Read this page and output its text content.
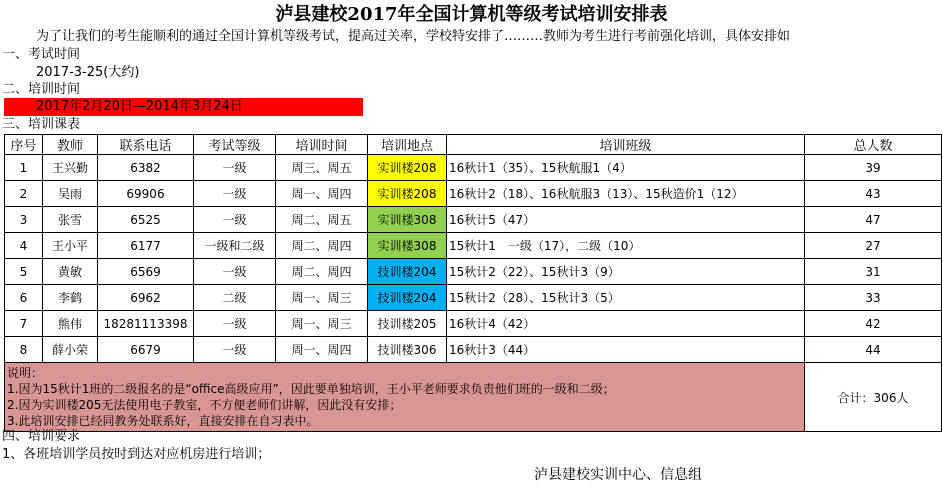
泸县建校2017年全国计算机等级考试培训安排表
为了让我们的考生能顺利的通过全国计算机等级考试，提高过关率，学校特安排了………教师为考生进行考前强化培训，具体安排如
一、考试时间
2017-3-25(大约)
二、培训时间
2017年2月20日—2014年3月24日
三、培训课表
序号	教师	联系电话	考试等级	培训时间	培训地点	培训班级	总人数
1	王兴勤	6382	一级	周三、周五	实训楼208	16秋计1（35）、15秋航服1（4）	39
2	吴雨	69906	一级	周一、周四	实训楼208	16秋计2（18）、16秋航服3（13）、15秋造价1（12）	43
3	张雪	6525	一级	周二、周五	实训楼308	16秋计5（47）	47
4	王小平	6177	一级和二级	周二、周四	实训楼308	15秋计1　一级（17），二级（10）	27
5	黄敏	6569	一级	周二、周四	技训楼204	15秋计2（22）、15秋计3（9）	31
6	李鹤	6962	二级	周一、周三	技训楼204	15秋计2（28）、15秋计3（5）	33
7	熊伟	18281113398	一级	周一、周三	技训楼205	16秋计4（42）	42
8	薛小荣	6679	一级	周一、周四	技训楼306	16秋计3（44）	44

说明：
1.因为15秋计1班的二级报名的是“office高级应用”，因此要单独培训，王小平老师要求负责他们班的一级和二级；
2.因为实训楼205无法使用电子教室，不方便老师们讲解，因此没有安排；
3.此培训安排已经同教务处联系好，直接安排在自习表中。							合计：306人
四、培训要求
1、各班培训学员按时到达对应机房进行培训；
泸县建校实训中心、信息组
